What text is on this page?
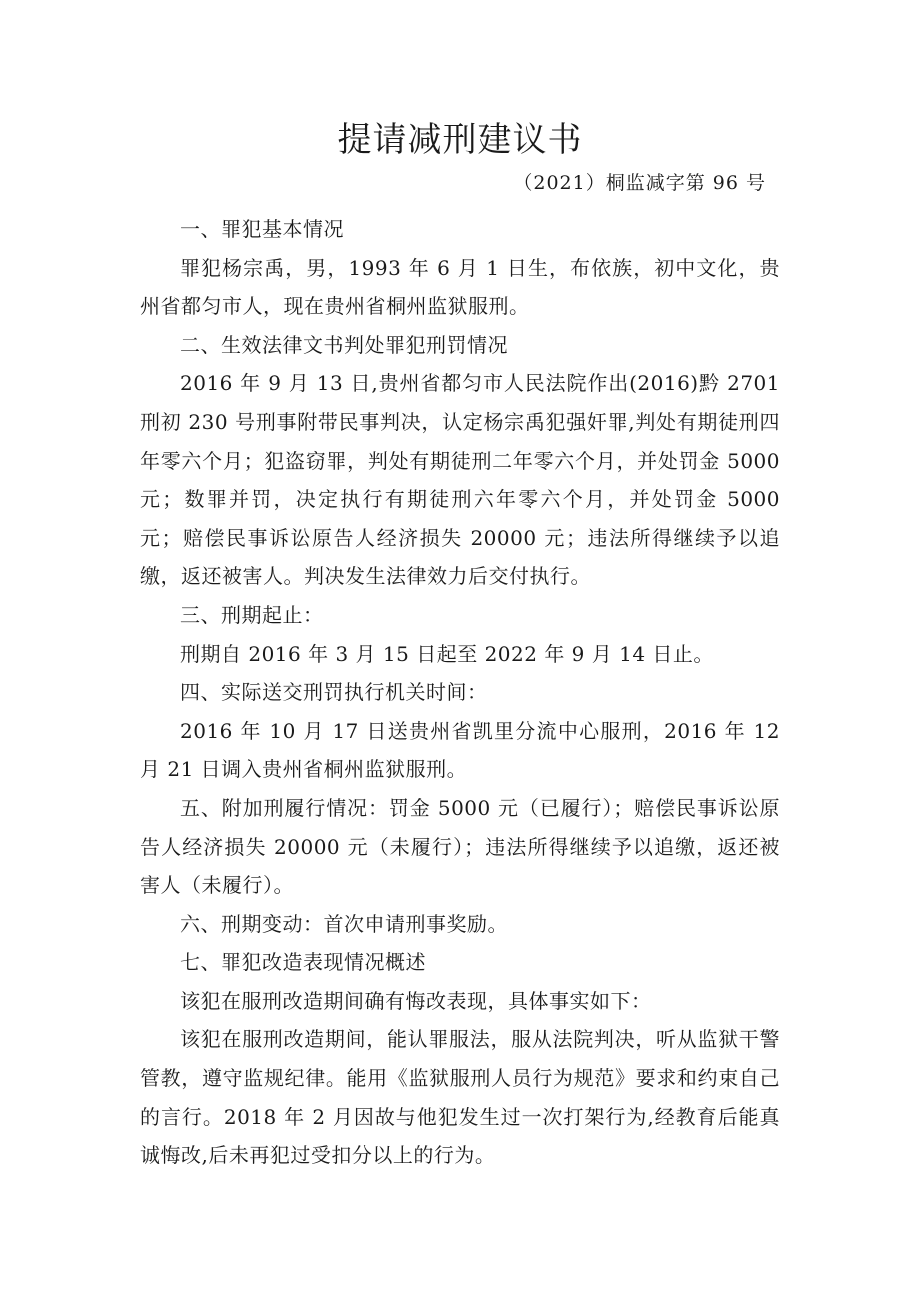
提请减刑建议书
（2021）桐监减字第 96 号

一、罪犯基本情况

罪犯杨宗禹，男，1993 年 6 月 1 日生，布依族，初中文化，贵州省都匀市人，现在贵州省桐州监狱服刑。

二、生效法律文书判处罪犯刑罚情况

2016 年 9 月 13 日,贵州省都匀市人民法院作出(2016)黔 2701 刑初 230 号刑事附带民事判决，认定杨宗禹犯强奸罪,判处有期徒刑四年零六个月；犯盗窃罪，判处有期徒刑二年零六个月，并处罚金 5000 元；数罪并罚，决定执行有期徒刑六年零六个月，并处罚金 5000 元；赔偿民事诉讼原告人经济损失 20000 元；违法所得继续予以追缴，返还被害人。判决发生法律效力后交付执行。

三、刑期起止：

刑期自 2016 年 3 月 15 日起至 2022 年 9 月 14 日止。

四、实际送交刑罚执行机关时间：

2016 年 10 月 17 日送贵州省凯里分流中心服刑，2016 年 12 月 21 日调入贵州省桐州监狱服刑。

五、附加刑履行情况：罚金 5000 元（已履行）；赔偿民事诉讼原告人经济损失 20000 元（未履行）；违法所得继续予以追缴，返还被害人（未履行）。

六、刑期变动：首次申请刑事奖励。

七、罪犯改造表现情况概述

该犯在服刑改造期间确有悔改表现，具体事实如下：

该犯在服刑改造期间，能认罪服法，服从法院判决，听从监狱干警管教，遵守监规纪律。能用《监狱服刑人员行为规范》要求和约束自己的言行。2018 年 2 月因故与他犯发生过一次打架行为,经教育后能真诚悔改,后未再犯过受扣分以上的行为。
